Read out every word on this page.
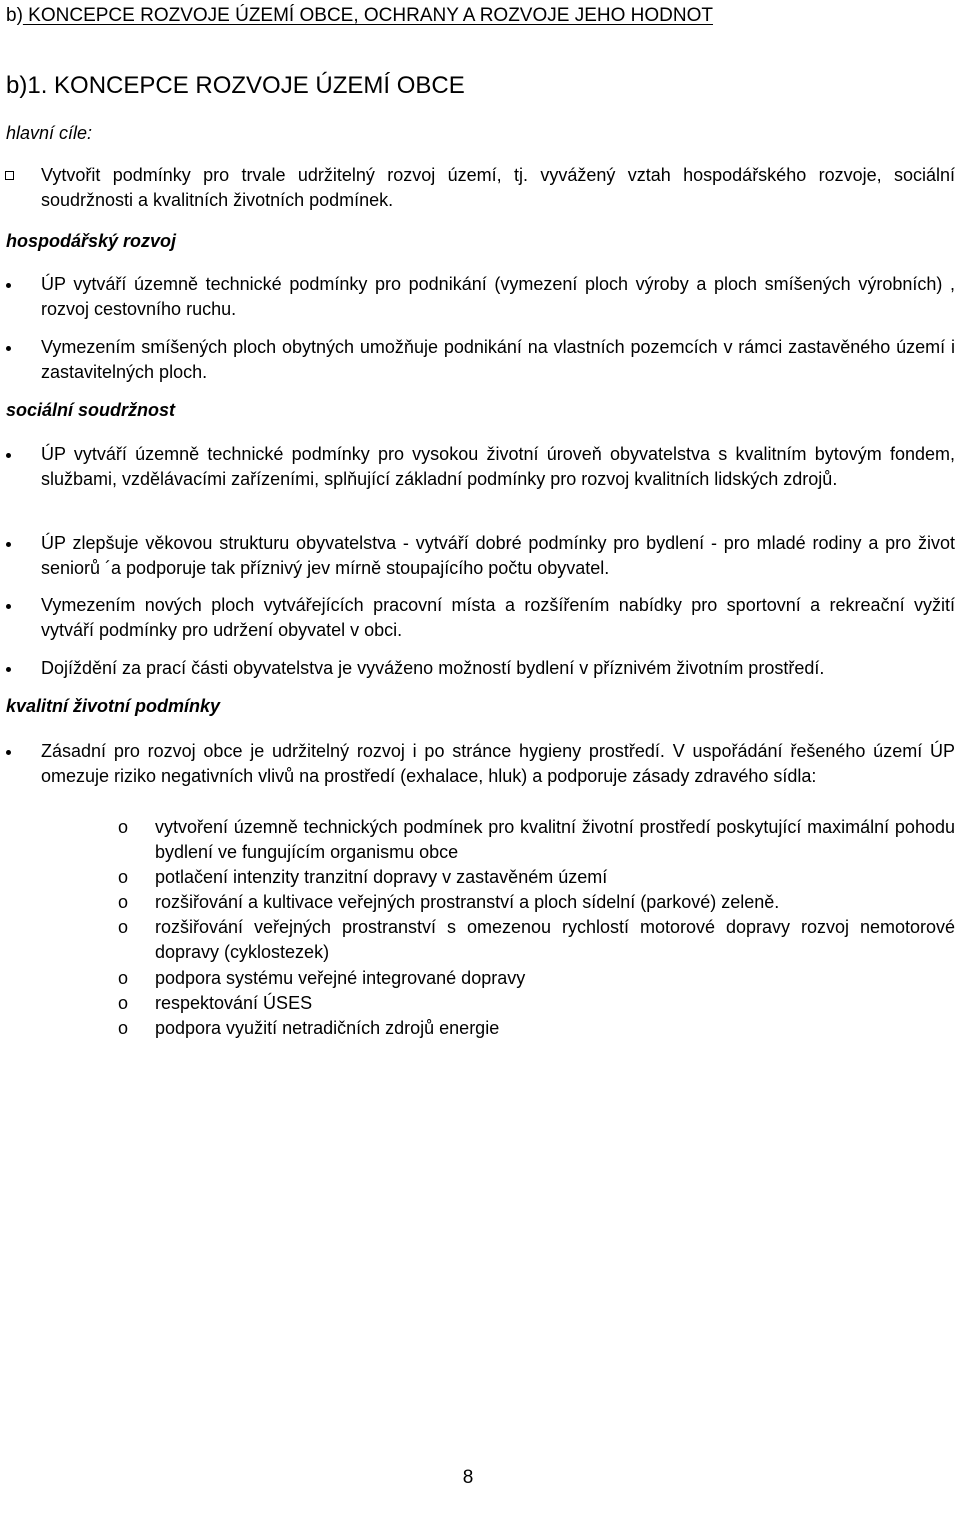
b) KONCEPCE ROZVOJE ÚZEMÍ OBCE, OCHRANY A ROZVOJE JEHO HODNOT
b)1. KONCEPCE ROZVOJE ÚZEMÍ OBCE
hlavní cíle:
Vytvořit podmínky pro trvale udržitelný rozvoj území, tj. vyvážený vztah hospodářského rozvoje, sociální soudržnosti a kvalitních životních podmínek.
hospodářský rozvoj
ÚP vytváří územně technické podmínky pro podnikání (vymezení ploch výroby a ploch smíšených výrobních) , rozvoj cestovního ruchu.
Vymezením smíšených ploch obytných umožňuje podnikání na vlastních pozemcích v rámci zastavěného území i zastavitelných ploch.
sociální soudržnost
ÚP vytváří územně technické podmínky pro vysokou životní úroveň obyvatelstva s kvalitním bytovým fondem, službami, vzdělávacími zařízeními, splňující základní podmínky pro rozvoj kvalitních lidských zdrojů.
ÚP zlepšuje věkovou strukturu obyvatelstva - vytváří dobré podmínky pro bydlení - pro mladé rodiny a pro život seniorů ´a podporuje tak příznivý jev mírně stoupajícího počtu obyvatel.
Vymezením nových ploch vytvářejících pracovní místa a rozšířením nabídky pro sportovní a rekreační vyžití vytváří podmínky pro udržení obyvatel v obci.
Dojíždění za prací části obyvatelstva je vyváženo možností bydlení v příznivém životním prostředí.
kvalitní životní podmínky
Zásadní pro rozvoj obce je udržitelný rozvoj i po stránce hygieny prostředí. V uspořádání řešeného území ÚP omezuje riziko negativních vlivů na prostředí (exhalace, hluk) a podporuje zásady zdravého sídla:
o vytvoření územně technických podmínek pro kvalitní životní prostředí poskytující maximální pohodu bydlení ve fungujícím organismu obce
o potlačení intenzity tranzitní dopravy v zastavěném území
o rozšiřování a kultivace veřejných prostranství a ploch sídelní (parkové) zeleně.
o rozšiřování veřejných prostranství s omezenou rychlostí motorové dopravy rozvoj nemotorové dopravy (cyklostezek)
o podpora systému veřejné integrované dopravy
o respektování ÚSES
o podpora využití netradičních zdrojů energie
8
